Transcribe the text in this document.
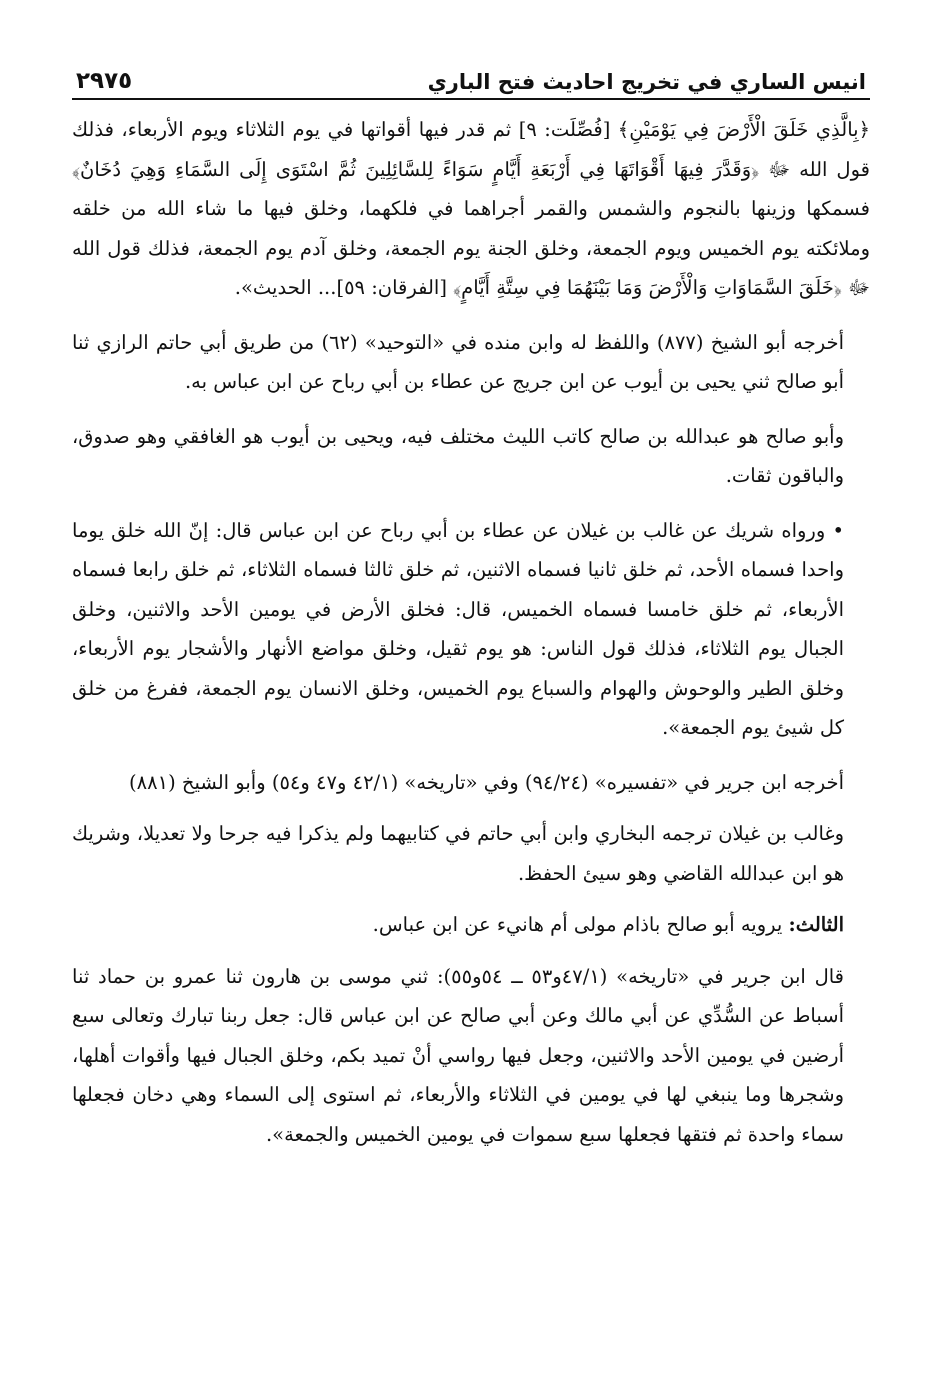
انيس الساري في تخريج احاديث فتح الباري
٢٩٧٥

﴿بِالَّذِي خَلَقَ الْأَرْضَ فِي يَوْمَيْنِ﴾ [فُصِّلَت: ٩] ثم قدر فيها أقواتها في يوم الثلاثاء ويوم الأربعاء، فذلك قول الله ﷻ ﴿وَقَدَّرَ فِيهَا أَقْوَاتَهَا فِي أَرْبَعَةِ أَيَّامٍ سَوَاءً لِلسَّائِلِينَ ثُمَّ اسْتَوَى إِلَى السَّمَاءِ وَهِيَ دُخَانٌ﴾ فسمكها وزينها بالنجوم والشمس والقمر أجراهما في فلكهما، وخلق فيها ما شاء الله من خلقه وملائكته يوم الخميس ويوم الجمعة، وخلق الجنة يوم الجمعة، وخلق آدم يوم الجمعة، فذلك قول الله ﷻ ﴿خَلَقَ السَّمَاوَاتِ وَالْأَرْضَ وَمَا بَيْنَهُمَا فِي سِتَّةِ أَيَّامٍ﴾ [الفرقان: ٥٩]... الحديث».

أخرجه أبو الشيخ (٨٧٧) واللفظ له وابن منده في «التوحيد» (٦٢) من طريق أبي حاتم الرازي ثنا أبو صالح ثني يحيى بن أيوب عن ابن جريج عن عطاء بن أبي رباح عن ابن عباس به.

وأبو صالح هو عبدالله بن صالح كاتب الليث مختلف فيه، ويحيى بن أيوب هو الغافقي وهو صدوق، والباقون ثقات.

• ورواه شريك عن غالب بن غيلان عن عطاء بن أبي رباح عن ابن عباس قال: إنّ الله خلق يوما واحدا فسماه الأحد، ثم خلق ثانيا فسماه الاثنين، ثم خلق ثالثا فسماه الثلاثاء، ثم خلق رابعا فسماه الأربعاء، ثم خلق خامسا فسماه الخميس، قال: فخلق الأرض في يومين الأحد والاثنين، وخلق الجبال يوم الثلاثاء، فذلك قول الناس: هو يوم ثقيل، وخلق مواضع الأنهار والأشجار يوم الأربعاء، وخلق الطير والوحوش والهوام والسباع يوم الخميس، وخلق الانسان يوم الجمعة، ففرغ من خلق كل شيئ يوم الجمعة».

أخرجه ابن جرير في «تفسيره» (٩٤/٢٤) وفي «تاريخه» (٤٢/١ و٤٧ و٥٤) وأبو الشيخ (٨٨١)

وغالب بن غيلان ترجمه البخاري وابن أبي حاتم في كتابيهما ولم يذكرا فيه جرحا ولا تعديلا، وشريك هو ابن عبدالله القاضي وهو سيئ الحفظ.

الثالث: يرويه أبو صالح باذام مولى أم هانيء عن ابن عباس.

قال ابن جرير في «تاريخه» (٤٧/١و٥٣ ــ ٥٤و٥٥): ثني موسى بن هارون ثنا عمرو بن حماد ثنا أسباط عن السُّدِّي عن أبي مالك وعن أبي صالح عن ابن عباس قال: جعل ربنا تبارك وتعالى سبع أرضين في يومين الأحد والاثنين، وجعل فيها رواسي أنْ تميد بكم، وخلق الجبال فيها وأقوات أهلها، وشجرها وما ينبغي لها في يومين في الثلاثاء والأربعاء، ثم استوى إلى السماء وهي دخان فجعلها سماء واحدة ثم فتقها فجعلها سبع سموات في يومين الخميس والجمعة».
